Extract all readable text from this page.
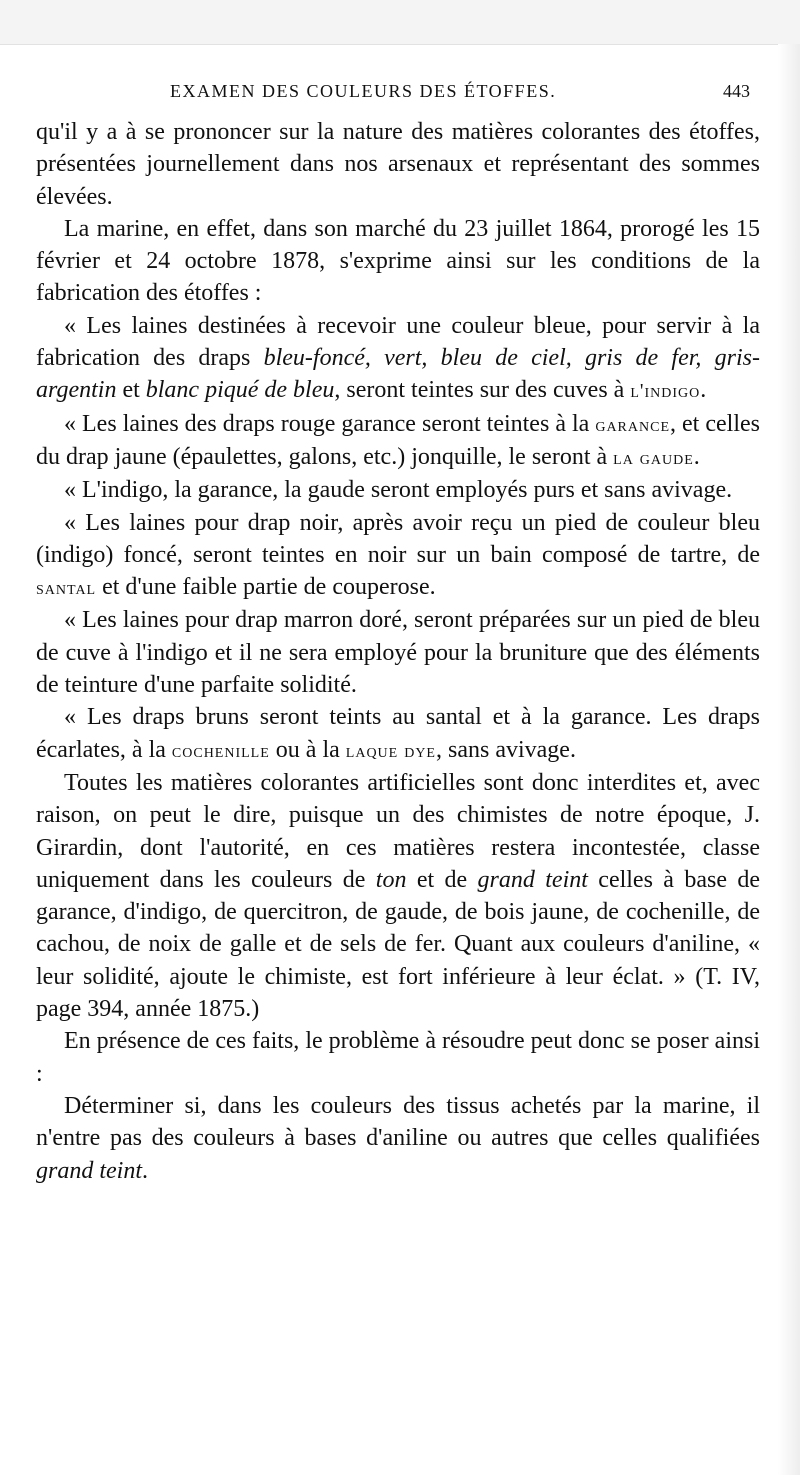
EXAMEN DES COULEURS DES ÉTOFFES.	443

qu'il y a à se prononcer sur la nature des matières colorantes des étoffes, présentées journellement dans nos arsenaux et représentant des sommes élevées.

La marine, en effet, dans son marché du 23 juillet 1864, prorogé les 15 février et 24 octobre 1878, s'exprime ainsi sur les conditions de la fabrication des étoffes :

« Les laines destinées à recevoir une couleur bleue, pour servir à la fabrication des draps bleu-foncé, vert, bleu de ciel, gris de fer, gris-argentin et blanc piqué de bleu, seront teintes sur des cuves à l'indigo.

« Les laines des draps rouge garance seront teintes à la garance, et celles du drap jaune (épaulettes, galons, etc.) jonquille, le seront à la gaude.

« L'indigo, la garance, la gaude seront employés purs et sans avivage.

« Les laines pour drap noir, après avoir reçu un pied de couleur bleu (indigo) foncé, seront teintes en noir sur un bain composé de tartre, de santal et d'une faible partie de couperose.

« Les laines pour drap marron doré, seront préparées sur un pied de bleu de cuve à l'indigo et il ne sera employé pour la bruniture que des éléments de teinture d'une parfaite solidité.

« Les draps bruns seront teints au santal et à la garance. Les draps écarlates, à la cochenille ou à la laque dye, sans avivage.

Toutes les matières colorantes artificielles sont donc interdites et, avec raison, on peut le dire, puisque un des chimistes de notre époque, J. Girardin, dont l'autorité, en ces matières restera incontestée, classe uniquement dans les couleurs de ton et de grand teint celles à base de garance, d'indigo, de quercitron, de gaude, de bois jaune, de cochenille, de cachou, de noix de galle et de sels de fer. Quant aux couleurs d'aniline, « leur solidité, ajoute le chimiste, est fort inférieure à leur éclat. » (T. IV, page 394, année 1875.)

En présence de ces faits, le problème à résoudre peut donc se poser ainsi :

Déterminer si, dans les couleurs des tissus achetés par la marine, il n'entre pas des couleurs à bases d'aniline ou autres que celles qualifiées grand teint.
